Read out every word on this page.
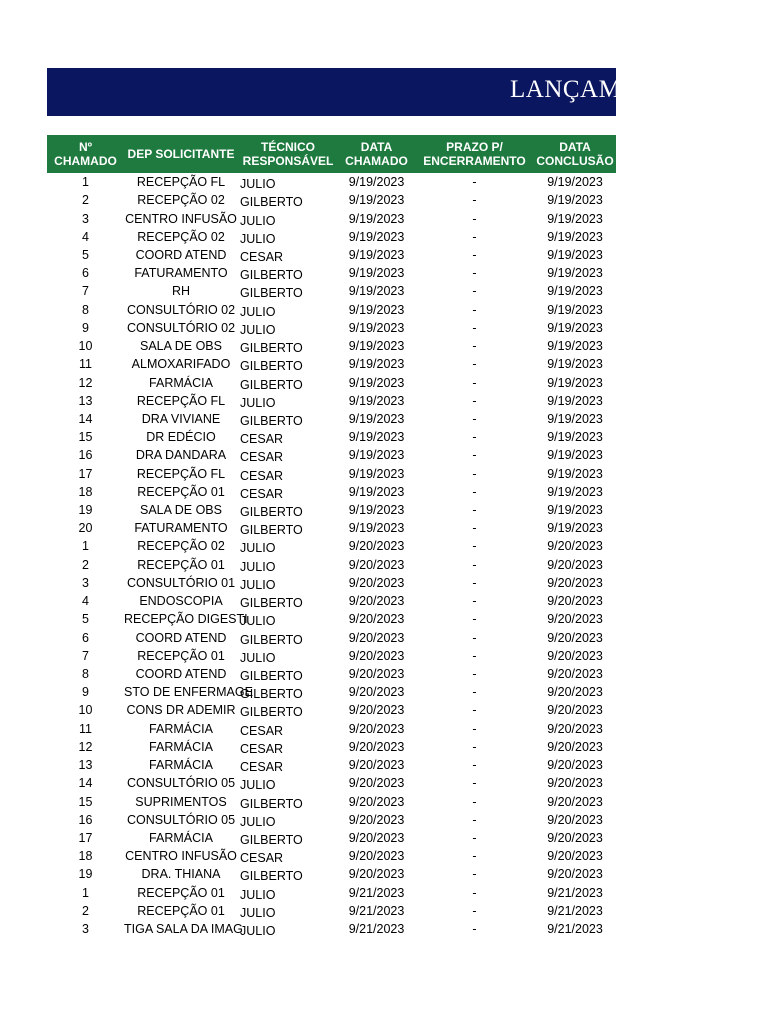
LANÇAM
Nº CHAMADO	DEP SOLICITANTE	TÉCNICO RESPONSÁVEL	DATA CHAMADO	PRAZO P/ ENCERRAMENTO	DATA CONCLUSÃO
1	RECEPÇÃO FL	JULIO	9/19/2023	-	9/19/2023
2	RECEPÇÃO 02	GILBERTO	9/19/2023	-	9/19/2023
3	CENTRO INFUSÃO	JULIO	9/19/2023	-	9/19/2023
4	RECEPÇÃO 02	JULIO	9/19/2023	-	9/19/2023
5	COORD ATEND	CESAR	9/19/2023	-	9/19/2023
6	FATURAMENTO	GILBERTO	9/19/2023	-	9/19/2023
7	RH	GILBERTO	9/19/2023	-	9/19/2023
8	CONSULTÓRIO 02	JULIO	9/19/2023	-	9/19/2023
9	CONSULTÓRIO 02	JULIO	9/19/2023	-	9/19/2023
10	SALA DE OBS	GILBERTO	9/19/2023	-	9/19/2023
11	ALMOXARIFADO	GILBERTO	9/19/2023	-	9/19/2023
12	FARMÁCIA	GILBERTO	9/19/2023	-	9/19/2023
13	RECEPÇÃO FL	JULIO	9/19/2023	-	9/19/2023
14	DRA VIVIANE	GILBERTO	9/19/2023	-	9/19/2023
15	DR EDÉCIO	CESAR	9/19/2023	-	9/19/2023
16	DRA DANDARA	CESAR	9/19/2023	-	9/19/2023
17	RECEPÇÃO FL	CESAR	9/19/2023	-	9/19/2023
18	RECEPÇÃO 01	CESAR	9/19/2023	-	9/19/2023
19	SALA DE OBS	GILBERTO	9/19/2023	-	9/19/2023
20	FATURAMENTO	GILBERTO	9/19/2023	-	9/19/2023
1	RECEPÇÃO 02	JULIO	9/20/2023	-	9/20/2023
2	RECEPÇÃO 01	JULIO	9/20/2023	-	9/20/2023
3	CONSULTÓRIO 01	JULIO	9/20/2023	-	9/20/2023
4	ENDOSCOPIA	GILBERTO	9/20/2023	-	9/20/2023
5	RECEPÇÃO DIGESTI	JULIO	9/20/2023	-	9/20/2023
6	COORD ATEND	GILBERTO	9/20/2023	-	9/20/2023
7	RECEPÇÃO 01	JULIO	9/20/2023	-	9/20/2023
8	COORD ATEND	GILBERTO	9/20/2023	-	9/20/2023
9	STO DE ENFERMAGE	GILBERTO	9/20/2023	-	9/20/2023
10	CONS DR ADEMIR	GILBERTO	9/20/2023	-	9/20/2023
11	FARMÁCIA	CESAR	9/20/2023	-	9/20/2023
12	FARMÁCIA	CESAR	9/20/2023	-	9/20/2023
13	FARMÁCIA	CESAR	9/20/2023	-	9/20/2023
14	CONSULTÓRIO 05	JULIO	9/20/2023	-	9/20/2023
15	SUPRIMENTOS	GILBERTO	9/20/2023	-	9/20/2023
16	CONSULTÓRIO 05	JULIO	9/20/2023	-	9/20/2023
17	FARMÁCIA	GILBERTO	9/20/2023	-	9/20/2023
18	CENTRO INFUSÃO	CESAR	9/20/2023	-	9/20/2023
19	DRA. THIANA	GILBERTO	9/20/2023	-	9/20/2023
1	RECEPÇÃO 01	JULIO	9/21/2023	-	9/21/2023
2	RECEPÇÃO 01	JULIO	9/21/2023	-	9/21/2023
3	TIGA SALA DA IMAG	JULIO	9/21/2023	-	9/21/2023
